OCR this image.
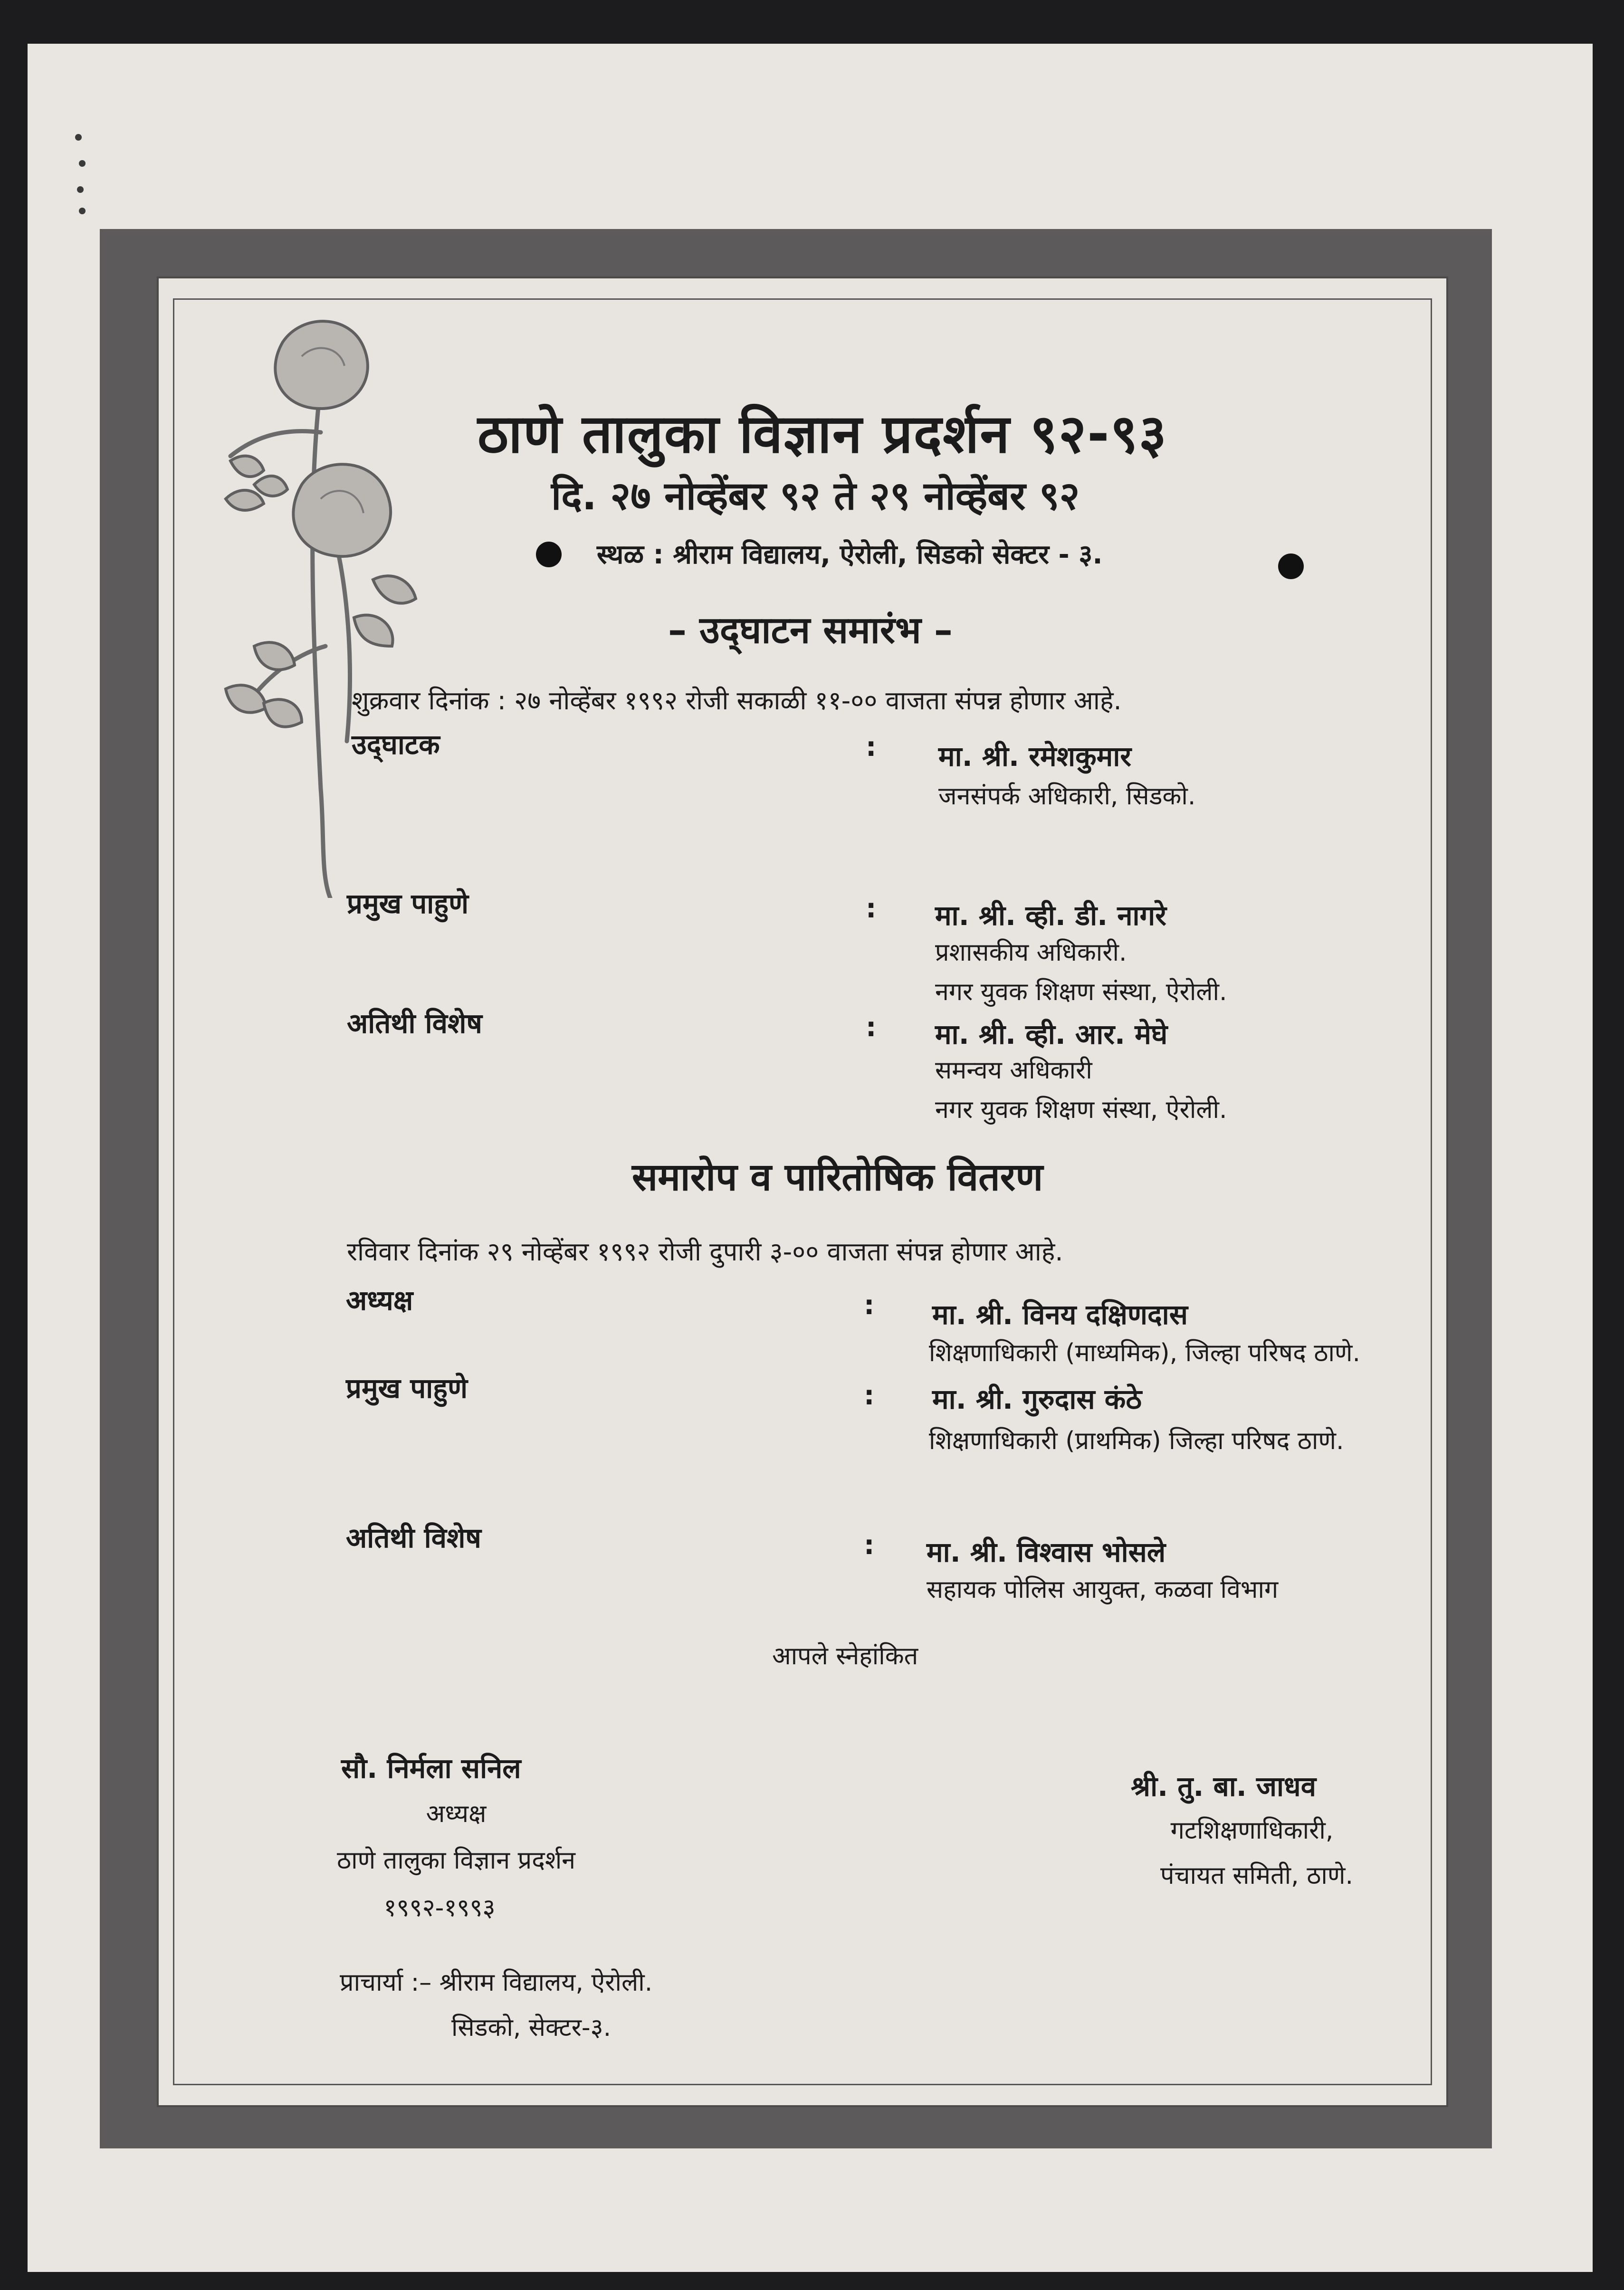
ठाणे तालुका विज्ञान प्रदर्शन ९२-९३
दि. २७ नोव्हेंबर ९२ ते २९ नोव्हेंबर ९२
स्थळ : श्रीराम विद्यालय, ऐरोली, सिडको सेक्टर - ३.
– उद्‌घाटन समारंभ –
शुक्रवार दिनांक : २७ नोव्हेंबर १९९२ रोजी सकाळी ११-०० वाजता संपन्न होणार आहे.
उद्‌घाटक	: मा. श्री. रमेशकुमार
जनसंपर्क अधिकारी, सिडको.
प्रमुख पाहुणे	: मा. श्री. व्ही. डी. नागरे
प्रशासकीय अधिकारी.
नगर युवक शिक्षण संस्था, ऐरोली.
अतिथी विशेष	: मा. श्री. व्ही. आर. मेघे
समन्वय अधिकारी
नगर युवक शिक्षण संस्था, ऐरोली.
समारोप व पारितोषिक वितरण
रविवार दिनांक २९ नोव्हेंबर १९९२ रोजी दुपारी ३-०० वाजता संपन्न होणार आहे.
अध्यक्ष	: मा. श्री. विनय दक्षिणदास
शिक्षणाधिकारी (माध्यमिक), जिल्हा परिषद ठाणे.
प्रमुख पाहुणे	: मा. श्री. गुरुदास कंठे
शिक्षणाधिकारी (प्राथमिक) जिल्हा परिषद ठाणे.
अतिथी विशेष	: मा. श्री. विश्वास भोसले
सहायक पोलिस आयुक्त, कळवा विभाग
आपले स्नेहांकित
सौ. निर्मला सनिल
अध्यक्ष
ठाणे तालुका विज्ञान प्रदर्शन
१९९२-१९९३
श्री. तु. बा. जाधव
गटशिक्षणाधिकारी,
पंचायत समिती, ठाणे.
प्राचार्या :– श्रीराम विद्यालय, ऐरोली.
सिडको, सेक्टर-३.
